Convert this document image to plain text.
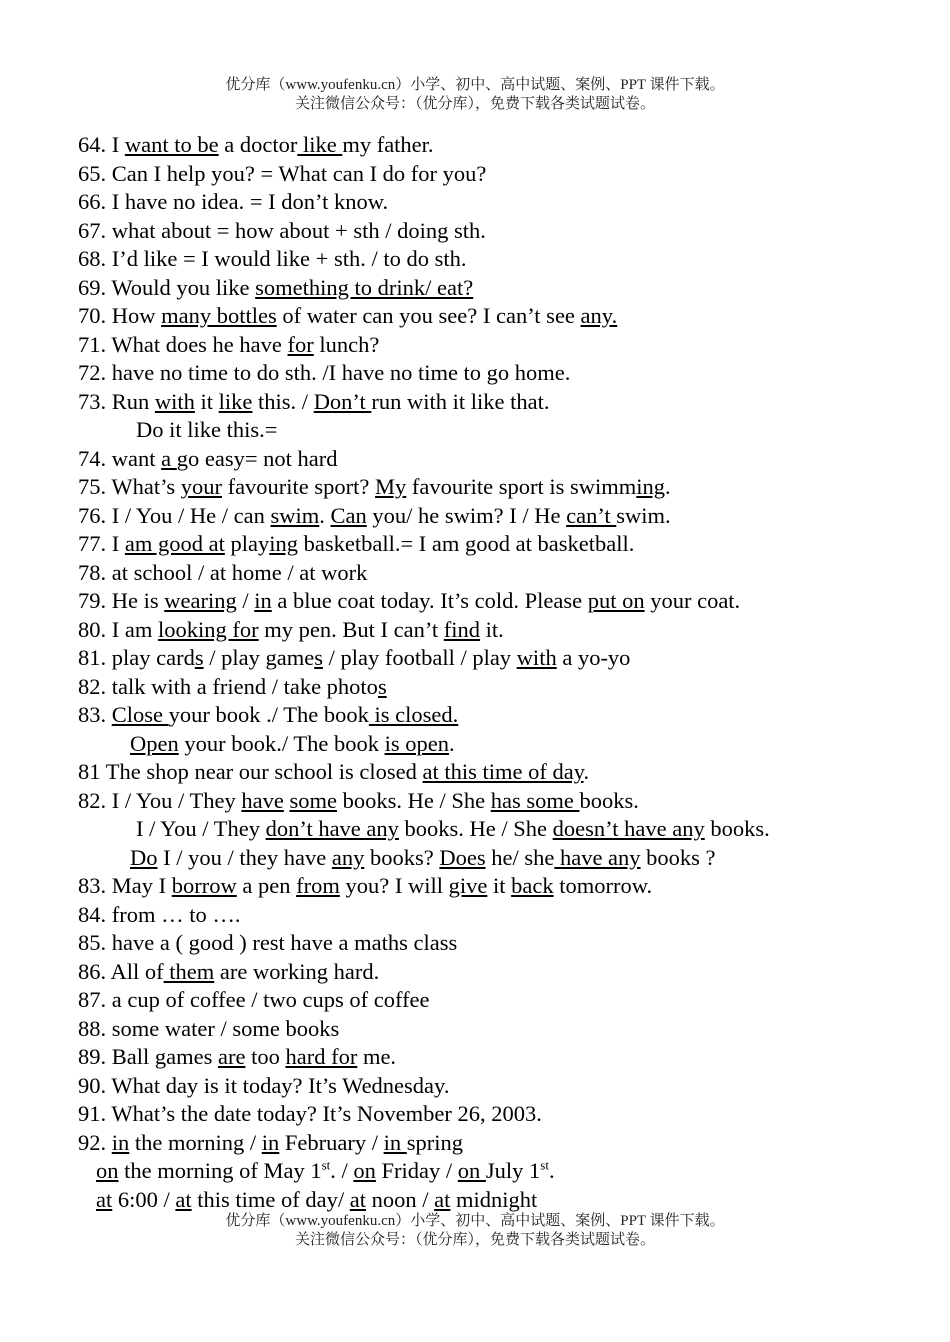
优分库（www.youfenku.cn）小学、初中、高中试题、案例、PPT 课件下载。

关注微信公众号：（优分库），免费下载各类试题试卷。

64. I want to be a doctor like my father.
65. Can I help you? = What can I do for you?
66. I have no idea. = I don’t know.
67. what about = how about + sth / doing sth.
68. I’d like = I would like + sth. / to do sth.
69. Would you like something to drink/ eat?
70. How many bottles of water can you see? I can’t see any.
71. What does he have for lunch?
72. have no time to do sth. /I have no time to go home.
73. Run with it like this. / Don’t run with it like that.
Do it like this.=
74. want a go easy= not hard
75. What’s your favourite sport? My favourite sport is swimming.
76. I / You / He / can swim. Can you/ he swim? I / He can’t swim.
77. I am good at playing basketball.= I am good at basketball.
78. at school / at home / at work
79. He is wearing / in a blue coat today. It’s cold. Please put on your coat.
80. I am looking for my pen. But I can’t find it.
81. play cards / play games / play football / play with a yo-yo
82. talk with a friend / take photos
83. Close your book ./ The book is closed.
Open your book./ The book is open.
81 The shop near our school is closed at this time of day.
82. I / You / They have some books. He / She has some books.
I / You / They don’t have any books. He / She doesn’t have any books.
Do I / you / they have any books? Does he/ she have any books ?
83. May I borrow a pen from you? I will give it back tomorrow.
84. from … to ….
85. have a ( good ) rest have a maths class
86. All of them are working hard.
87. a cup of coffee / two cups of coffee
88. some water / some books
89. Ball games are too hard for me.
90. What day is it today? It’s Wednesday.
91. What’s the date today? It’s November 26, 2003.
92. in the morning / in February / in spring
on the morning of May 1st. / on Friday / on July 1st.
at 6:00 / at this time of day/ at noon / at midnight

优分库（www.youfenku.cn）小学、初中、高中试题、案例、PPT 课件下载。

关注微信公众号：（优分库），免费下载各类试题试卷。
